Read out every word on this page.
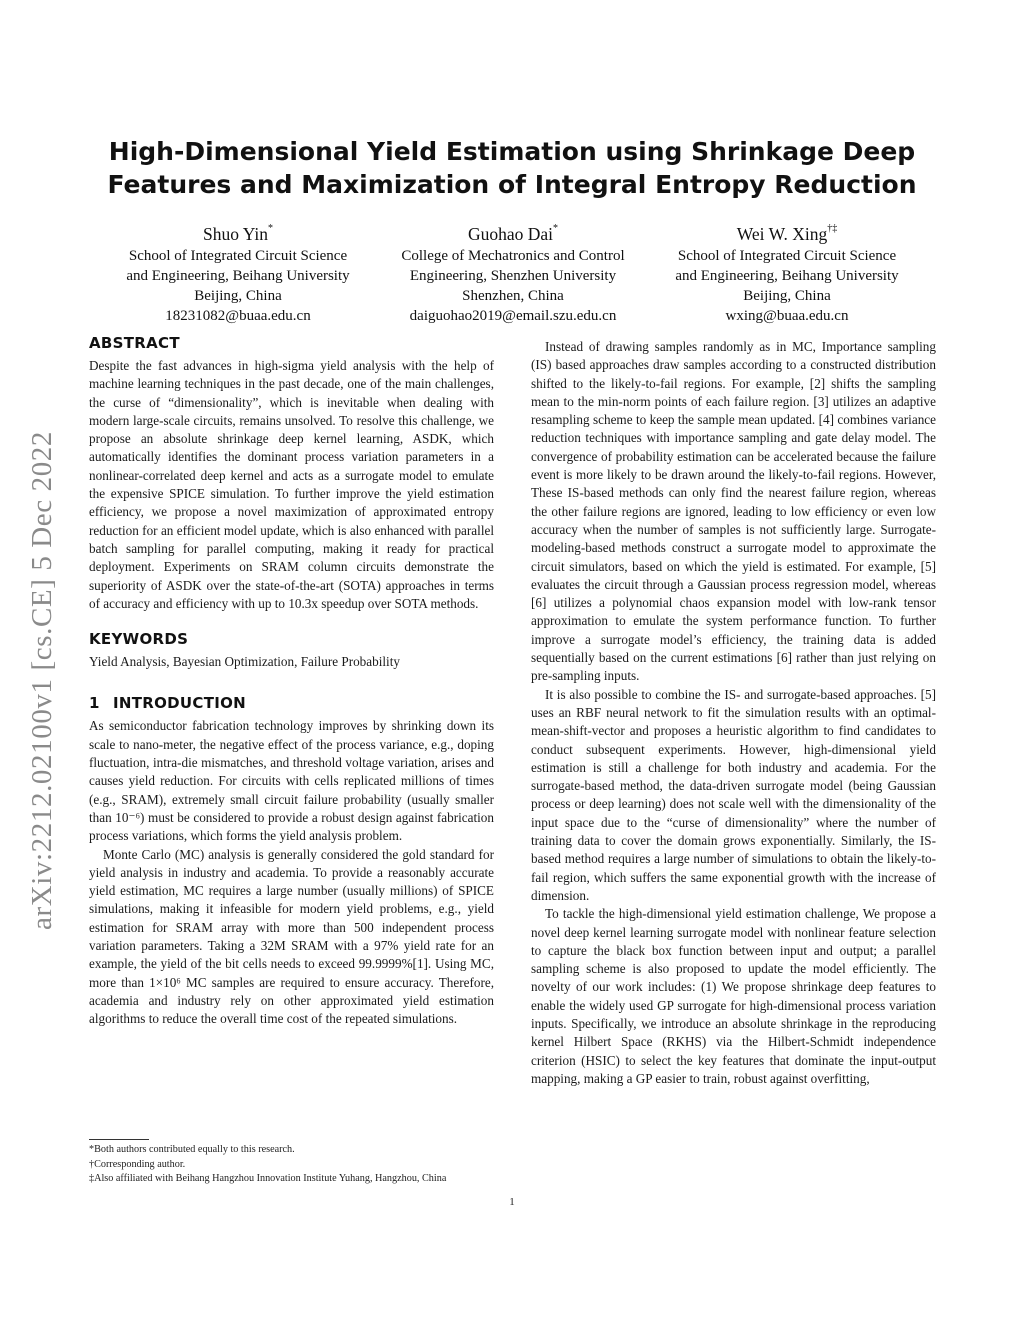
arXiv:2212.02100v1 [cs.CE] 5 Dec 2022
High-Dimensional Yield Estimation using Shrinkage Deep
Features and Maximization of Integral Entropy Reduction
Shuo Yin*
School of Integrated Circuit Science
and Engineering, Beihang University
Beijing, China
18231082@buaa.edu.cn
Guohao Dai*
College of Mechatronics and Control
Engineering, Shenzhen University
Shenzhen, China
daiguohao2019@email.szu.edu.cn
Wei W. Xing†‡
School of Integrated Circuit Science
and Engineering, Beihang University
Beijing, China
wxing@buaa.edu.cn
ABSTRACT

Despite the fast advances in high-sigma yield analysis with the help of machine learning techniques in the past decade, one of the main challenges, the curse of “dimensionality”, which is inevitable when dealing with modern large-scale circuits, remains unsolved. To resolve this challenge, we propose an absolute shrinkage deep kernel learning, ASDK, which automatically identifies the dominant process variation parameters in a nonlinear-correlated deep kernel and acts as a surrogate model to emulate the expensive SPICE simulation. To further improve the yield estimation efficiency, we propose a novel maximization of approximated entropy reduction for an efficient model update, which is also enhanced with parallel batch sampling for parallel computing, making it ready for practical deployment. Experiments on SRAM column circuits demonstrate the superiority of ASDK over the state-of-the-art (SOTA) approaches in terms of accuracy and efficiency with up to 10.3x speedup over SOTA methods.

KEYWORDS

Yield Analysis, Bayesian Optimization, Failure Probability

1 INTRODUCTION

As semiconductor fabrication technology improves by shrinking down its scale to nano-meter, the negative effect of the process variance, e.g., doping fluctuation, intra-die mismatches, and threshold voltage variation, arises and causes yield reduction. For circuits with cells replicated millions of times (e.g., SRAM), extremely small circuit failure probability (usually smaller than 10⁻⁶) must be considered to provide a robust design against fabrication process variations, which forms the yield analysis problem.

Monte Carlo (MC) analysis is generally considered the gold standard for yield analysis in industry and academia. To provide a reasonably accurate yield estimation, MC requires a large number (usually millions) of SPICE simulations, making it infeasible for modern yield problems, e.g., yield estimation for SRAM array with more than 500 independent process variation parameters. Taking a 32M SRAM with a 97% yield rate for an example, the yield of the bit cells needs to exceed 99.9999%[1]. Using MC, more than 1×10⁶ MC samples are required to ensure accuracy. Therefore, academia and industry rely on other approximated yield estimation algorithms to reduce the overall time cost of the repeated simulations.

Instead of drawing samples randomly as in MC, Importance sampling (IS) based approaches draw samples according to a constructed distribution shifted to the likely-to-fail regions. For example, [2] shifts the sampling mean to the min-norm points of each failure region. [3] utilizes an adaptive resampling scheme to keep the sample mean updated. [4] combines variance reduction techniques with importance sampling and gate delay model. The convergence of probability estimation can be accelerated because the failure event is more likely to be drawn around the likely-to-fail regions. However, These IS-based methods can only find the nearest failure region, whereas the other failure regions are ignored, leading to low efficiency or even low accuracy when the number of samples is not sufficiently large. Surrogate-modeling-based methods construct a surrogate model to approximate the circuit simulators, based on which the yield is estimated. For example, [5] evaluates the circuit through a Gaussian process regression model, whereas [6] utilizes a polynomial chaos expansion model with low-rank tensor approximation to emulate the system performance function. To further improve a surrogate model’s efficiency, the training data is added sequentially based on the current estimations [6] rather than just relying on pre-sampling inputs.

It is also possible to combine the IS- and surrogate-based approaches. [5] uses an RBF neural network to fit the simulation results with an optimal-mean-shift-vector and proposes a heuristic algorithm to find candidates to conduct subsequent experiments. However, high-dimensional yield estimation is still a challenge for both industry and academia. For the surrogate-based method, the data-driven surrogate model (being Gaussian process or deep learning) does not scale well with the dimensionality of the input space due to the “curse of dimensionality” where the number of training data to cover the domain grows exponentially. Similarly, the IS-based method requires a large number of simulations to obtain the likely-to-fail region, which suffers the same exponential growth with the increase of dimension.

To tackle the high-dimensional yield estimation challenge, We propose a novel deep kernel learning surrogate model with nonlinear feature selection to capture the black box function between input and output; a parallel sampling scheme is also proposed to update the model efficiently. The novelty of our work includes: (1) We propose shrinkage deep features to enable the widely used GP surrogate for high-dimensional process variation inputs. Specifically, we introduce an absolute shrinkage in the reproducing kernel Hilbert Space (RKHS) via the Hilbert-Schmidt independence criterion (HSIC) to select the key features that dominate the input-output mapping, making a GP easier to train, robust against overfitting,

*Both authors contributed equally to this research.
†Corresponding author.
‡Also affiliated with Beihang Hangzhou Innovation Institute Yuhang, Hangzhou, China
1
